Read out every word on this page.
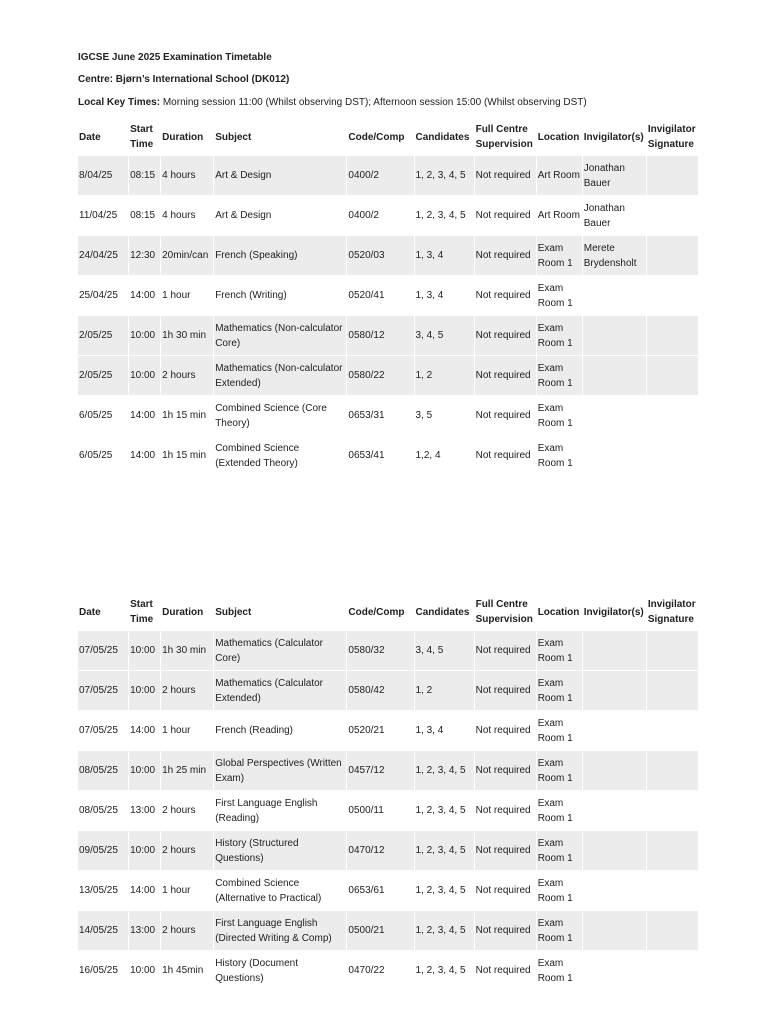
IGCSE June 2025 Examination Timetable
Centre: Bjørn’s International School (DK012)
Local Key Times: Morning session 11:00 (Whilst observing DST); Afternoon session 15:00 (Whilst observing DST)
Date	Start Time	Duration	Subject	Code/Comp	Candidates	Full Centre Supervision	Location	Invigilator(s)	Invigilator Signature
8/04/25	08:15	4 hours	Art & Design	0400/2	1, 2, 3, 4, 5	Not required	Art Room	Jonathan Bauer	
11/04/25	08:15	4 hours	Art & Design	0400/2	1, 2, 3, 4, 5	Not required	Art Room	Jonathan Bauer	
24/04/25	12:30	20min/can	French (Speaking)	0520/03	1, 3, 4	Not required	Exam Room 1	Merete Brydensholt	
25/04/25	14:00	1 hour	French (Writing)	0520/41	1, 3, 4	Not required	Exam Room 1		
2/05/25	10:00	1h 30 min	Mathematics (Non-calculator Core)	0580/12	3, 4, 5	Not required	Exam Room 1		
2/05/25	10:00	2 hours	Mathematics (Non-calculator Extended)	0580/22	1, 2	Not required	Exam Room 1		
6/05/25	14:00	1h 15 min	Combined Science (Core Theory)	0653/31	3, 5	Not required	Exam Room 1		
6/05/25	14:00	1h 15 min	Combined Science (Extended Theory)	0653/41	1,2, 4	Not required	Exam Room 1		
Date	Start Time	Duration	Subject	Code/Comp	Candidates	Full Centre Supervision	Location	Invigilator(s)	Invigilator Signature
07/05/25	10:00	1h 30 min	Mathematics (Calculator Core)	0580/32	3, 4, 5	Not required	Exam Room 1		
07/05/25	10:00	2 hours	Mathematics (Calculator Extended)	0580/42	1, 2	Not required	Exam Room 1		
07/05/25	14:00	1 hour	French (Reading)	0520/21	1, 3, 4	Not required	Exam Room 1		
08/05/25	10:00	1h 25 min	Global Perspectives (Written Exam)	0457/12	1, 2, 3, 4, 5	Not required	Exam Room 1		
08/05/25	13:00	2 hours	First Language English (Reading)	0500/11	1, 2, 3, 4, 5	Not required	Exam Room 1		
09/05/25	10:00	2 hours	History (Structured Questions)	0470/12	1, 2, 3, 4, 5	Not required	Exam Room 1		
13/05/25	14:00	1 hour	Combined Science (Alternative to Practical)	0653/61	1, 2, 3, 4, 5	Not required	Exam Room 1		
14/05/25	13:00	2 hours	First Language English (Directed Writing & Comp)	0500/21	1, 2, 3, 4, 5	Not required	Exam Room 1		
16/05/25	10:00	1h 45min	History (Document Questions)	0470/22	1, 2, 3, 4, 5	Not required	Exam Room 1		
